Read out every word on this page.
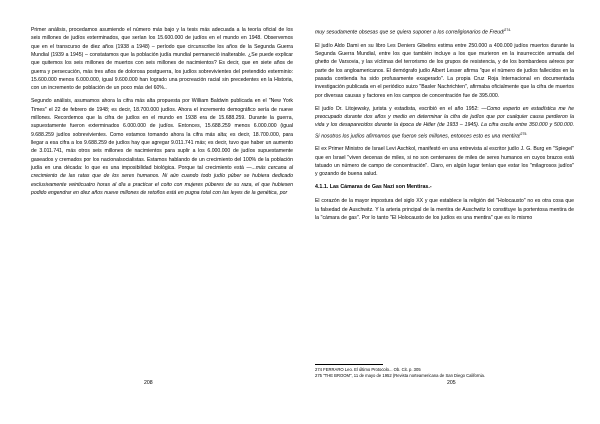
Primer análisis, procedamos asumiendo el número más bajo y la tesis más adecuada a la teoría oficial de los seis millones de judíos exterminados, que serían los 15.600.000 de judíos en el mundo en 1948. Observemos que en el transcurso de diez años (1938 a 1948) – período que circunscribe los años de la Segunda Guerra Mundial (1939 a 1945) – constatamos que la población judía mundial permaneció inalterable. ¿Se puede explicar que quitemos los seis millones de muertos con seis millones de nacimientos? Es decir, que en siete años de guerra y persecución, más tres años de dolorosa postguerra, los judíos sobrevivientes del pretendido exterminio: 15.600.000 menos 6.000.000, igual 9.600.000 han logrado una procreación racial sin precedentes en la Historia, con un incremento de población de un poco más del 60%..

Segundo análisis, asumamos ahora la cifra más alta propuesta por William Baldwin publicada en el "New York Times" el 22 de febrero de 1948; es decir, 18.700.000 judíos. Ahora el incremento demográfico sería de nueve millones. Recordemos que la cifra de judíos en el mundo en 1938 era de 15.688.259. Durante la guerra, supuestamente fueron exterminados 6.000.000 de judíos. Entonces, 15.688.259 menos 6.000.000 (igual 9.688.259 judíos sobrevivientes. Como estamos tomando ahora la cifra más alta; es decir, 18.700.000, para llegar a esa cifra a los 9.688.259 de judíos hay que agregar 9.011.741 más; es decir, tuvo que haber un aumento de 3.011.741, más otros seis millones de nacimientos para suplir a los 6.000.000 de judíos supuestamente gaseados y cremados por los nacionalsocialistas. Estamos hablando de un crecimiento del 100% de la población judía en una década: lo que es una imposibilidad biológica. Porque tal crecimiento está —...más cercana al crecimiento de las ratas que de los seres humanos. Ni aún cuando todo judío púber se hubiera dedicado exclusivamente veinticuatro horas al día a practicar el coito con mujeres púberes de su raza, el que hubiesen podido engendrar en diez años nueve millones de retoños está en pugna total con las leyes de la genética, por

208

muy sesudamente obsesas que se quiera suponer a los correligionarios de Freud!$^{274.}$

El judío Aldo Dami en su libro Les Deniers Gibelins estima entre 250.000 a 400.000 judíos muertos durante la Segunda Guerra Mundial, entre los que también incluye a los que murieron en la insurrección armada del ghetto de Varsovia, y las víctimas del terrorismo de los grupos de resistencia, y de los bombardeos aéreos por parte de los angloamericanos. El demógrafo judío Albert Lesser afirma "que el número de judíos fallecidos en la pasada contienda ha sido profusamente exagerado". La propia Cruz Roja Internacional en documentada investigación publicada en el periódico suizo "Basler Nachrichten", afirmaba oficialmente que la cifra de muertos por diversas causas y factores en los campos de concentración fue de 395.000.

El judío Dr. Litojewsky, jurista y estadista, escribió en el año 1952: —Como experto en estadística me he preocupado durante dos años y medio en determinar la cifra de judíos que por cualquier causa perdieron la vida y los desaparecidos durante la época de Hitler (de 1933 – 1945). La cifra oscila entre 350.000 y 500.000. Si nosotros los judíos afirmamos que fueron seis millones, entonces esto es una mentira!$^{275.}$

El ex Primer Ministro de Israel Levi Aschkol, manifestó en una entrevista al escritor judío J. G. Burg en "Spiegel" que en Israel "viven decenas de miles, si no son centenares de miles de seres humanos en cuyos brazos está tatuado un número de campo de concentración". Claro, en algún lugar tenían que estar los "milagrosos judíos" y gozando de buena salud.

4.1.1. Las Cámaras de Gas Nazi son Mentiras.-

El corazón de la mayor impostura del siglo XX y que establece la religión del "Holocausto" no es otra cosa que la falsedad de Auschwitz. Y la arteria principal de la mentira de Auschwitz lo constituye la portentosa mentira de la "cámara de gas". Por lo tanto "El Holocausto de los judíos es una mentira" que es lo mismo

274 FERRARO Leo. El último Protocolo... Ob. Cit. p. 305
275 "THE BROOM", 11 de mayo de 1952 (Revista norteamericana de San Diego California.
205
